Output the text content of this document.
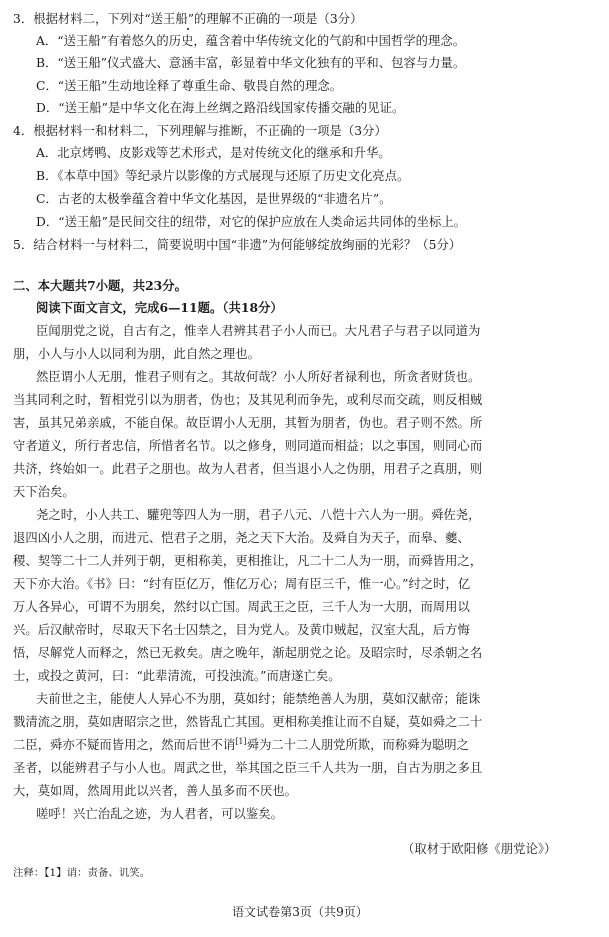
3．根据材料二，下列对“送王船”的理解不正确的一项是（3分）
A．“送王船”有着悠久的历史，蕴含着中华传统文化的气韵和中国哲学的理念。
B．“送王船”仪式盛大、意涵丰富，彰显着中华文化独有的平和、包容与力量。
C．“送王船”生动地诠释了尊重生命、敬畏自然的理念。
D．“送王船”是中华文化在海上丝绸之路沿线国家传播交融的见证。
4．根据材料一和材料二，下列理解与推断，不正确的一项是（3分）
A．北京烤鸭、皮影戏等艺术形式，是对传统文化的继承和升华。
B．《本草中国》等纪录片以影像的方式展现与还原了历史文化亮点。
C．古老的太极拳蕴含着中华文化基因，是世界级的“非遗名片”。
D．“送王船”是民间交往的纽带，对它的保护应放在人类命运共同体的坐标上。
5．结合材料一与材料二，简要说明中国“非遗”为何能够绽放绚丽的光彩？（5分）
二、本大题共7小题，共23分。
阅读下面文言文，完成6—11题。（共18分）
臣闻朋党之说，自古有之，惟幸人君辨其君子小人而已。大凡君子与君子以同道为
朋，小人与小人以同利为朋，此自然之理也。
然臣谓小人无朋，惟君子则有之。其故何哉？小人所好者禄利也，所贪者财货也。
当其同利之时，暂相党引以为朋者，伪也；及其见利而争先，或利尽而交疏，则反相贼
害，虽其兄弟亲戚，不能自保。故臣谓小人无朋，其暂为朋者，伪也。君子则不然。所
守者道义，所行者忠信，所惜者名节。以之修身，则同道而相益；以之事国，则同心而
共济，终始如一。此君子之朋也。故为人君者，但当退小人之伪朋，用君子之真朋，则
天下治矣。
尧之时，小人共工、驩兜等四人为一朋，君子八元、八恺十六人为一朋。舜佐尧，
退四凶小人之朋，而进元、恺君子之朋，尧之天下大治。及舜自为天子，而皋、夔、
稷、契等二十二人并列于朝，更相称美，更相推让，凡二十二人为一朋，而舜皆用之，
天下亦大治。《书》曰：“纣有臣亿万，惟亿万心；周有臣三千，惟一心。”纣之时，亿
万人各异心，可谓不为朋矣，然纣以亡国。周武王之臣，三千人为一大朋，而周用以
兴。后汉献帝时，尽取天下名士囚禁之，目为党人。及黄巾贼起，汉室大乱，后方悔
悟，尽解党人而释之，然已无救矣。唐之晚年，渐起朋党之论。及昭宗时，尽杀朝之名
士，或投之黄河，曰：“此辈清流，可投浊流。”而唐遂亡矣。
夫前世之主，能使人人异心不为朋，莫如纣；能禁绝善人为朋，莫如汉献帝；能诛
戮清流之朋，莫如唐昭宗之世，然皆乱亡其国。更相称美推让而不自疑，莫如舜之二十
二臣，舜亦不疑而皆用之，然而后世不诮[1]舜为二十二人朋党所欺，而称舜为聪明之
圣者，以能辨君子与小人也。周武之世，举其国之臣三千人共为一朋，自古为朋之多且
大，莫如周，然周用此以兴者，善人虽多而不厌也。
嗟呼！兴亡治乱之迹，为人君者，可以鉴矣。
（取材于欧阳修《朋党论》）
注释：【1】诮：责备、讥笑。
语文试卷第3页（共9页）
